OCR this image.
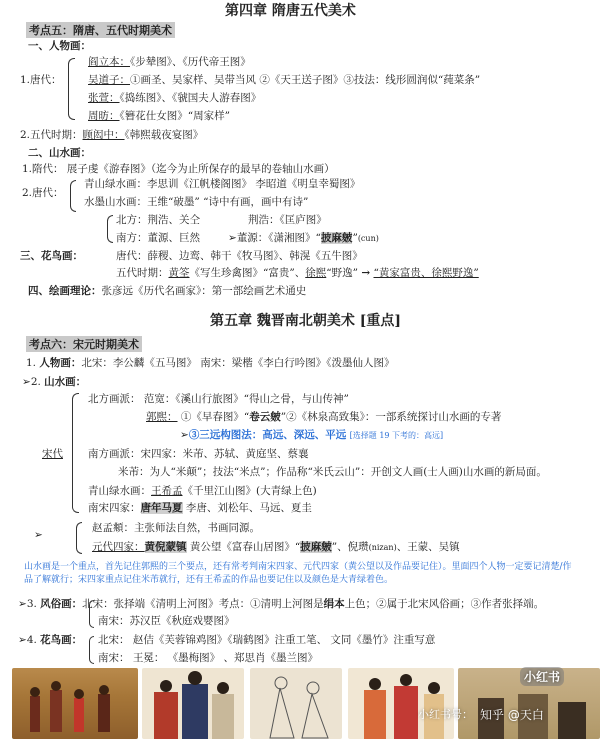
第四章 隋唐五代美术
考点五：隋唐、五代时期美术
一、人物画：
1.唐代：
阎立本：《步辇图》、《历代帝王图》
吴道子：①画圣、吴家样、吴带当风 ②《天王送子图》③技法：线形圆润似“莼菜条”
张萱：《捣练图》、《虢国夫人游春图》
周昉：《簪花仕女图》“周家样”
2.五代时期：顾闳中：《韩熙载夜宴图》
二、山水画：
1.隋代： 展子虔《游春图》（迄今为止所保存的最早的卷轴山水画）
2.唐代：
青山绿水画：李思训《江帆楼阁图》 李昭道《明皇幸蜀图》
水墨山水画：王维“破墨” “诗中有画，画中有诗”
北方：荆浩、关仝	荆浩：《匡庐图》
南方：董源、巨然	➢董源：《潇湘图》“披麻皴”(cun)
三、花鸟画：	唐代：薛稷、边鸾、韩干《牧马图》、韩滉《五牛图》
五代时期：黄筌《写生珍禽图》“富贵”、徐熙“野逸” → “黄家富贵、徐熙野逸”
四、绘画理论：张彦远《历代名画家》：第一部绘画艺术通史
第五章 魏晋南北朝美术 [重点]
考点六：宋元时期美术
1. 人物画：北宋：李公麟《五马图》 南宋：梁楷《李白行吟图》《泼墨仙人图》
➢2. 山水画：
宋代
北方画派： 范宽：《溪山行旅图》“得山之骨，与山传神”
郭熙： ①《早春图》“卷云皴”②《林泉高致集》：一部系统探讨山水画的专著
➢③三远构图法：高远、深远、平远 [选择题 19 下考的：高远]
南方画派：宋四家：米芾、苏轼、黄庭坚、蔡襄
米芾：为人“米颠”；技法“米点”；作品称“米氏云山”：开创文人画(士人画)山水画的新局面。
青山绿水画：王希孟《千里江山图》(大青绿上色)
南宋四家：唐年马夏 李唐、刘松年、马远、夏圭
➢
赵孟頫：主张师法自然，书画同源。
元代四家：黄倪蒙镇 黄公望《富春山居图》“披麻皴”、倪瓒(nizan)、王蒙、吴镇
山水画是一个重点，首先记住郭熙的三个要点，还有常考判南宋四家、元代四家（黄公望以及作品要记住）。里面四个人物一定要记清楚/作品了解就行；宋四家重点记住米芾就行，还有王希孟的作品也要记住以及颜色是大青绿着色。
➢3. 风俗画：北宋：张择端《清明上河图》考点：①清明上河图是绢本上色；②属于北宋风俗画；③作者张择端。
南宋：苏汉臣《秋庭戏婴图》
➢4. 花鸟画： 北宋： 赵佶《芙蓉锦鸡图》《瑞鹤图》注重工笔、 文同《墨竹》注重写意
南宋： 王冕： 《墨梅图》 、郑思肖《墨兰图》
小红书
小红书号： 知乎 @天白
